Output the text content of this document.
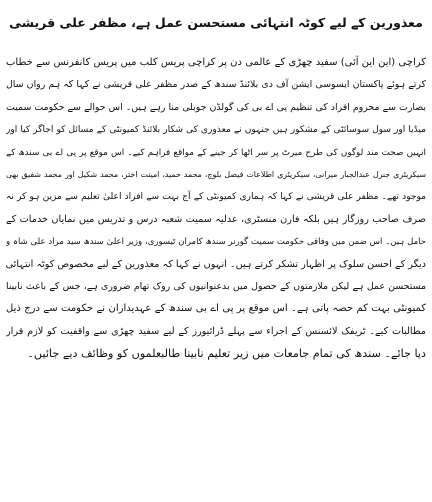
معذورین کے لیے کوٹہ انتہائی مستحسن عمل ہے، مظفر علی قریشی
کراچی (این این آئی) سفید چھڑی کے عالمی دن پر کراچی پریس کلب میں پریس کانفرنس سے خطاب
کرتے ہوئے پاکستان ایسوسی ایشن آف دی بلائنڈ سندھ کے صدر مظفر علی قریشی نے کہا کہ ہم رواں سال
بصارت سے محروم افراد کی تنظیم پی اے بی کی گولڈن جوبلی منا رہے ہیں۔ اس حوالے سے حکومت سمیت
میڈیا اور سول سوسائٹی کے مشکور ہیں جنہوں نے معذوری کی شکار بلائنڈ کمیونٹی کے مسائل کو اجاگر کیا اور
انہیں صحت مند لوگوں کی طرح میرٹ پر سر اٹھا کر جینے کے مواقع فراہم کیے۔ اس موقع پر پی اے بی سندھ کے
سیکریٹری جنرل عبدالجبار میرانی، سیکریٹری اطلاعات فیصل بلوچ، محمد حمید، امینت اختر، محمد شکیل اور محمد شفیق بھی
موجود تھے۔ مظفر علی قریشی نے کہا کہ ہماری کمیونٹی کے آج بہت سے افراد اعلیٰ تعلیم سے مزین ہو کر نہ
صرف صاحب روزگار ہیں بلکہ فارن منسٹری، عدلیہ سمیت شعبہ درس و تدریس میں نمایاں خدمات کے
حامل ہیں۔ اس ضمن میں وفاقی حکومت سمیت گورنر سندھ کامران ٹیسوری، وزیر اعلیٰ سندھ سید مراد علی شاہ و
دیگر کے احسن سلوک پر اظہار تشکر کرتے ہیں۔ انہوں نے کہا کہ معذورین کے لیے مخصوص کوٹہ انتہائی
مستحسن عمل ہے لیکن ملازمتوں کے حصول میں بدعنوانیوں کی روک تھام ضروری ہے، جس کے باعث نابینا
کمیونٹی بہت کم حصہ پاتی ہے۔ اس موقع پر پی اے بی سندھ کے عہدیداران نے حکومت سے درج ذیل
مطالبات کیے۔ ٹریفک لائسنس کے اجراء سے پہلے ڈرائیورز کے لیے سفید چھڑی سے واقفیت کو لازم قرار
دیا جائے۔ سندھ کی تمام جامعات میں زیر تعلیم نابینا طالبعلموں کو وظائف دیے جائیں۔
